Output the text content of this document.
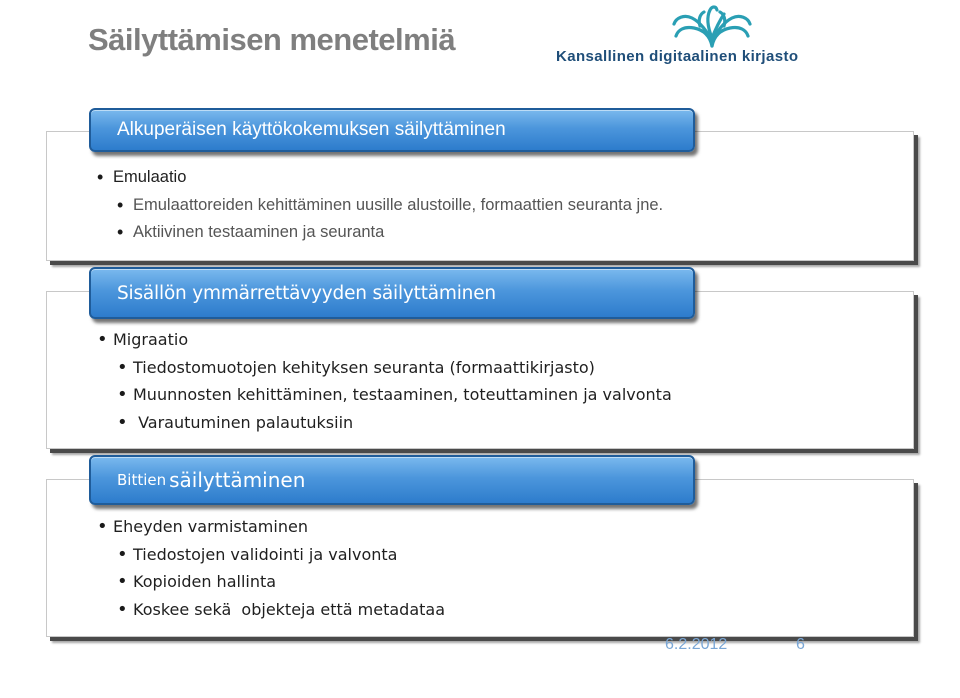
Säilyttämisen menetelmiä	Kansallinen digitaalinen kirjasto
Alkuperäisen käyttökokemuksen säilyttäminen
• Emulaatio
• Emulaattoreiden kehittäminen uusille alustoille, formaattien seuranta jne.
• Aktiivinen testaaminen ja seuranta
Sisällön ymmärrettävyyden säilyttäminen
• Migraatio
• Tiedostomuotojen kehityksen seuranta (formaattikirjasto)
• Muunnosten kehittäminen, testaaminen, toteuttaminen ja valvonta
•  Varautuminen palautuksiin
Bittien säilyttäminen
• Eheyden varmistaminen
• Tiedostojen validointi ja valvonta
• Kopioiden hallinta
• Koskee sekä  objekteja että metadataa
6.2.2012	6
